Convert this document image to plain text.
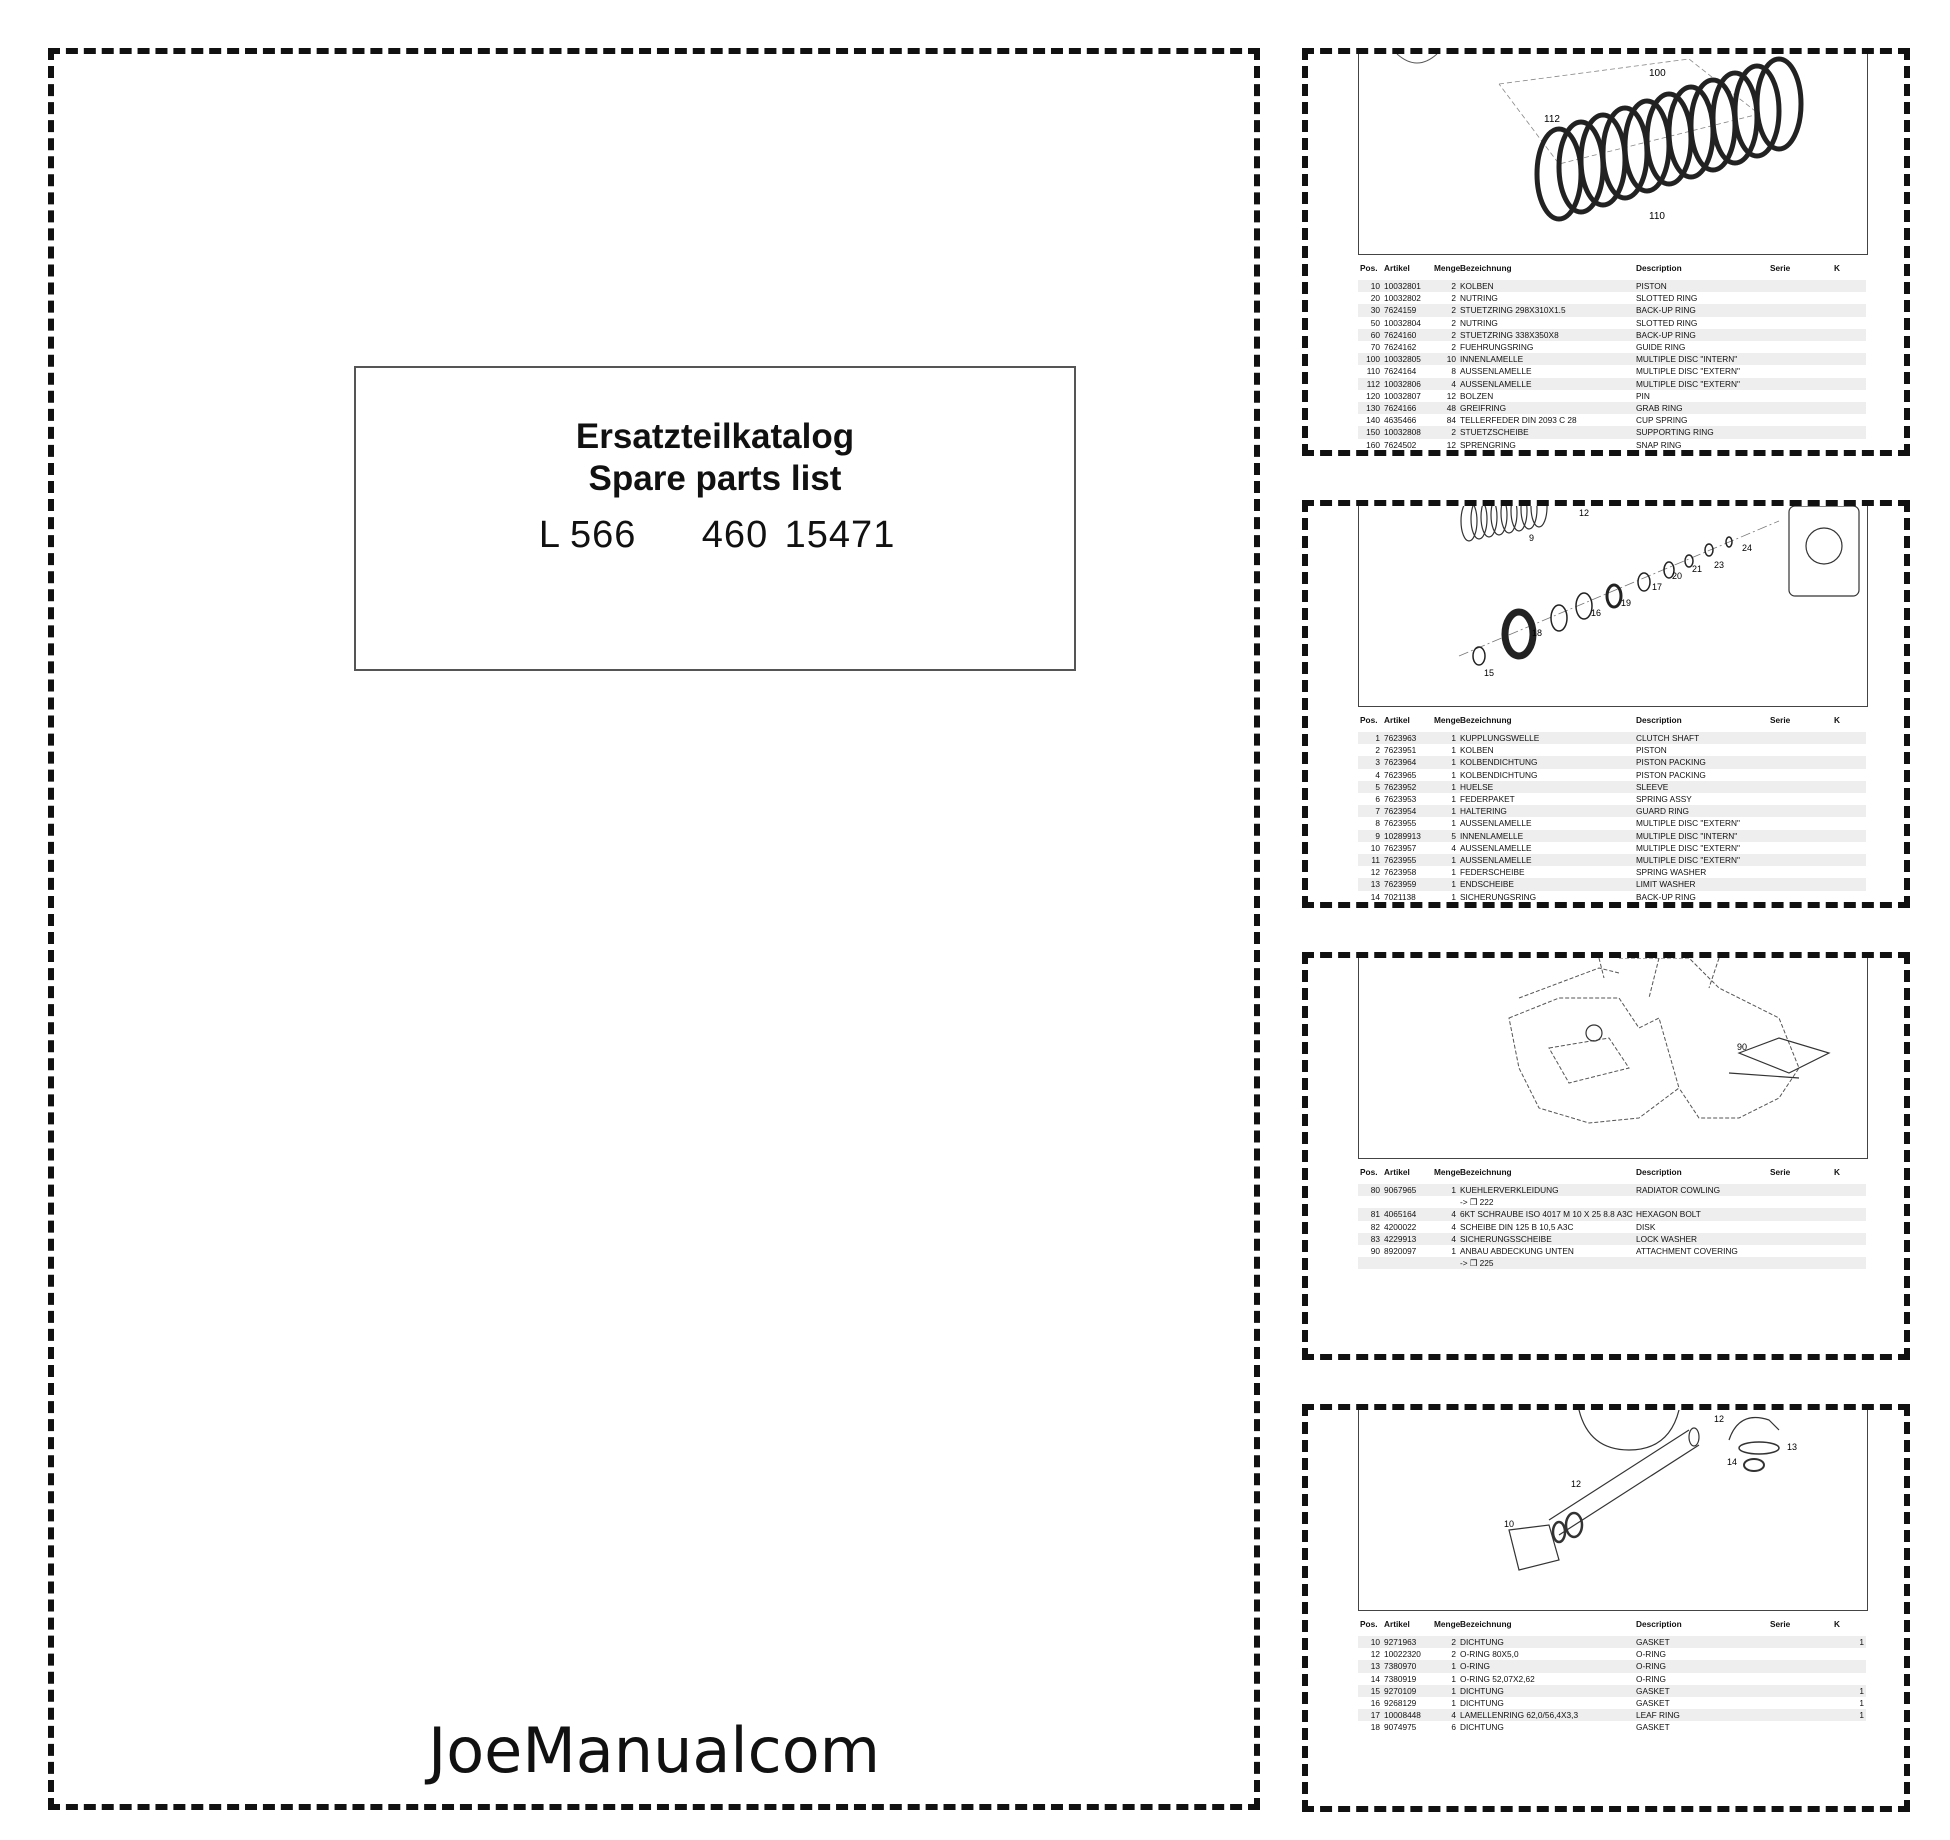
Ersatzteilkatalog
Spare parts list
L 566 460 15471
JoeManualcom
100
112
110
Pos.	Artikel	Menge	Bezeichnung	Description	Serie	K
10	10032801	2	KOLBEN	PISTON		
20	10032802	2	NUTRING	SLOTTED RING		
30	7624159	2	STUETZRING 298X310X1.5	BACK-UP RING		
50	10032804	2	NUTRING	SLOTTED RING		
60	7624160	2	STUETZRING 338X350X8	BACK-UP RING		
70	7624162	2	FUEHRUNGSRING	GUIDE RING		
100	10032805	10	INNENLAMELLE	MULTIPLE DISC "INTERN"		
110	7624164	8	AUSSENLAMELLE	MULTIPLE DISC "EXTERN"		
112	10032806	4	AUSSENLAMELLE	MULTIPLE DISC "EXTERN"		
120	10032807	12	BOLZEN	PIN		
130	7624166	48	GREIFRING	GRAB RING		
140	4635466	84	TELLERFEDER DIN 2093 C 28	CUP SPRING		
150	10032808	2	STUETZSCHEIBE	SUPPORTING RING		
160	7624502	12	SPRENGRING	SNAP RING		
12
9
24
23
21
20
17
19
16
18
15
Pos.	Artikel	Menge	Bezeichnung	Description	Serie	K
1	7623963	1	KUPPLUNGSWELLE	CLUTCH SHAFT		
2	7623951	1	KOLBEN	PISTON		
3	7623964	1	KOLBENDICHTUNG	PISTON PACKING		
4	7623965	1	KOLBENDICHTUNG	PISTON PACKING		
5	7623952	1	HUELSE	SLEEVE		
6	7623953	1	FEDERPAKET	SPRING ASSY		
7	7623954	1	HALTERING	GUARD RING		
8	7623955	1	AUSSENLAMELLE	MULTIPLE DISC "EXTERN"		
9	10289913	5	INNENLAMELLE	MULTIPLE DISC "INTERN"		
10	7623957	4	AUSSENLAMELLE	MULTIPLE DISC "EXTERN"		
11	7623955	1	AUSSENLAMELLE	MULTIPLE DISC "EXTERN"		
12	7623958	1	FEDERSCHEIBE	SPRING WASHER		
13	7623959	1	ENDSCHEIBE	LIMIT WASHER		
14	7021138	1	SICHERUNGSRING	BACK-UP RING		
90
Pos.	Artikel	Menge	Bezeichnung	Description	Serie	K
80	9067965	1	KUEHLERVERKLEIDUNG	RADIATOR COWLING		
			-> ❐ 222			
81	4065164	4	6KT SCHRAUBE ISO 4017 M 10 X 25 8.8 A3C	HEXAGON BOLT		
82	4200022	4	SCHEIBE DIN 125 B 10,5 A3C	DISK		
83	4229913	4	SICHERUNGSSCHEIBE	LOCK WASHER		
90	8920097	1	ANBAU ABDECKUNG UNTEN	ATTACHMENT COVERING		
			-> ❐ 225			
12
13
14
12
10
Pos.	Artikel	Menge	Bezeichnung	Description	Serie	K
10	9271963	2	DICHTUNG	GASKET		1
12	10022320	2	O-RING 80X5,0	O-RING		
13	7380970	1	O-RING	O-RING		
14	7380919	1	O-RING 52,07X2,62	O-RING		
15	9270109	1	DICHTUNG	GASKET		1
16	9268129	1	DICHTUNG	GASKET		1
17	10008448	4	LAMELLENRING 62,0/56,4X3,3	LEAF RING		1
18	9074975	6	DICHTUNG	GASKET		
